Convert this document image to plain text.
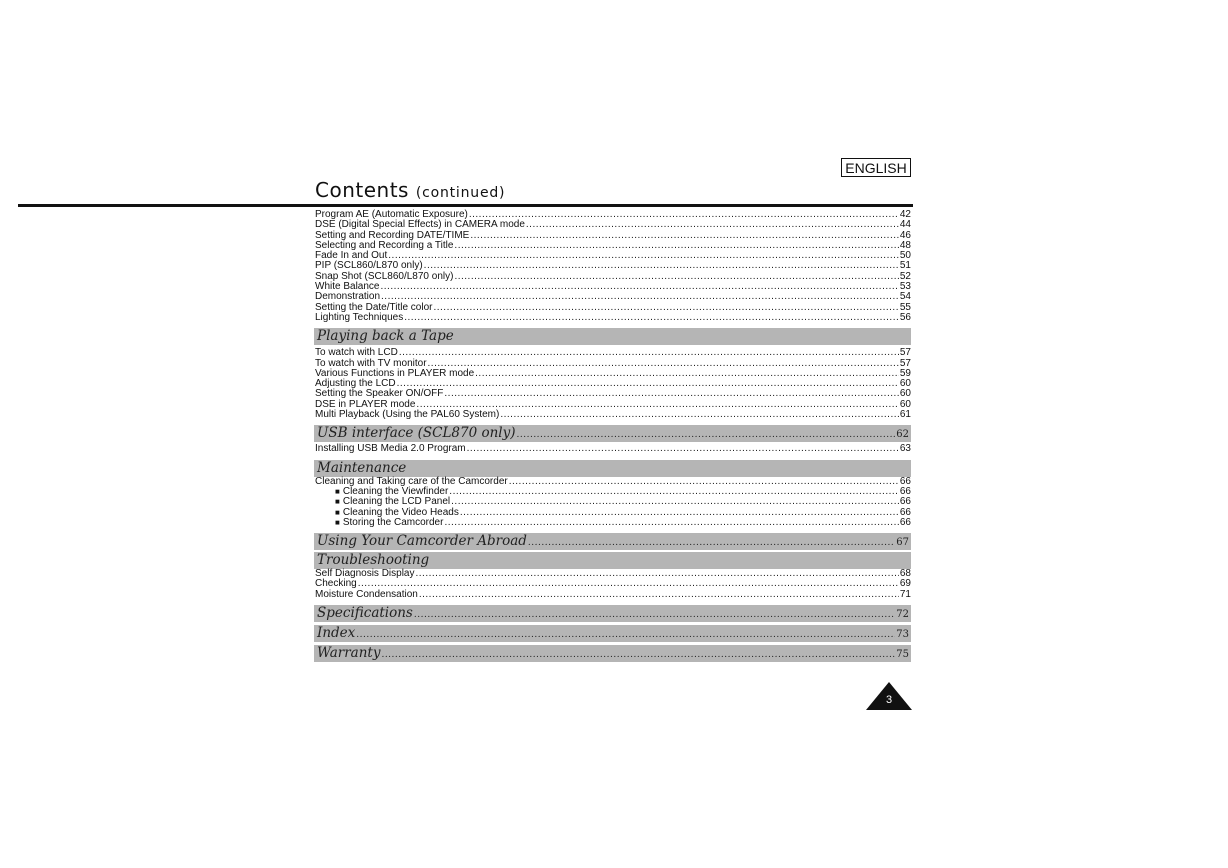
ENGLISH
Contents (continued)
Program AE (Automatic Exposure) .....	42
DSE (Digital Special Effects) in CAMERA mode .....	44
Setting and Recording DATE/TIME .....	46
Selecting and Recording a Title .....	48
Fade In and Out .....	50
PIP (SCL860/L870 only) .....	51
Snap Shot (SCL860/L870 only) .....	52
White Balance .....	53
Demonstration .....	54
Setting the Date/Title color .....	55
Lighting Techniques .....	56
Playing back a Tape
To watch with LCD .....	57
To watch with TV monitor .....	57
Various Functions in PLAYER mode .....	59
Adjusting the LCD .....	60
Setting the Speaker ON/OFF .....	60
DSE in PLAYER mode .....	60
Multi Playback (Using the PAL60 System) .....	61
USB interface (SCL870 only) .....	62
Installing USB Media 2.0 Program .....	63
Maintenance
Cleaning and Taking care of the Camcorder .....	66
■ Cleaning the Viewfinder .....	66
■ Cleaning the LCD Panel .....	66
■ Cleaning the Video Heads .....	66
■ Storing the Camcorder .....	66
Using Your Camcorder Abroad .....	67
Troubleshooting
Self Diagnosis Display .....	68
Checking .....	69
Moisture Condensation .....	71
Specifications .....	72
Index .....	73
Warranty .....	75
3
